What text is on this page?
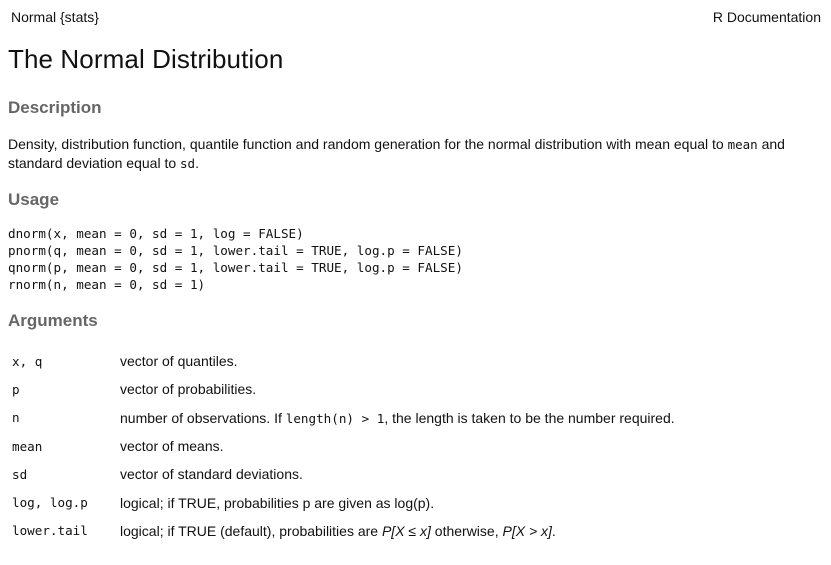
Normal {stats}	R Documentation
The Normal Distribution
Description

Density, distribution function, quantile function and random generation for the normal distribution with mean equal to mean and standard deviation equal to sd.

Usage
dnorm(x, mean = 0, sd = 1, log = FALSE)
pnorm(q, mean = 0, sd = 1, lower.tail = TRUE, log.p = FALSE)
qnorm(p, mean = 0, sd = 1, lower.tail = TRUE, log.p = FALSE)
rnorm(n, mean = 0, sd = 1)
Arguments
x, q	vector of quantiles.
p	vector of probabilities.
n	number of observations. If length(n) > 1, the length is taken to be the number required.
mean	vector of means.
sd	vector of standard deviations.
log, log.p	logical; if TRUE, probabilities p are given as log(p).
lower.tail	logical; if TRUE (default), probabilities are P[X ≤ x] otherwise, P[X > x].
